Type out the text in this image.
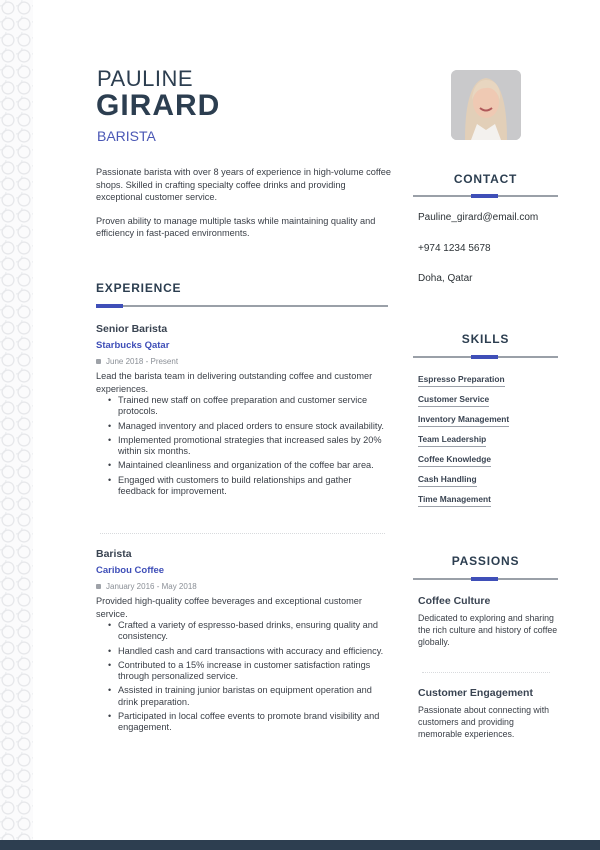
PAULINE
GIRARD
BARISTA

Passionate barista with over 8 years of experience in high-volume coffee shops. Skilled in crafting specialty coffee drinks and providing exceptional customer service.

Proven ability to manage multiple tasks while maintaining quality and efficiency in fast-paced environments.

EXPERIENCE
Senior Barista
Starbucks Qatar
June 2018 - Present
Lead the barista team in delivering outstanding coffee and customer experiences.
• Trained new staff on coffee preparation and customer service protocols.
• Managed inventory and placed orders to ensure stock availability.
• Implemented promotional strategies that increased sales by 20% within six months.
• Maintained cleanliness and organization of the coffee bar area.
• Engaged with customers to build relationships and gather feedback for improvement.
Barista
Caribou Coffee
January 2016 - May 2018
Provided high-quality coffee beverages and exceptional customer service.
• Crafted a variety of espresso-based drinks, ensuring quality and consistency.
• Handled cash and card transactions with accuracy and efficiency.
• Contributed to a 15% increase in customer satisfaction ratings through personalized service.
• Assisted in training junior baristas on equipment operation and drink preparation.
• Participated in local coffee events to promote brand visibility and engagement.
CONTACT
Pauline_girard@email.com
+974 1234 5678
Doha, Qatar
SKILLS
Espresso Preparation
Customer Service
Inventory Management
Team Leadership
Coffee Knowledge
Cash Handling
Time Management
PASSIONS
Coffee Culture
Dedicated to exploring and sharing the rich culture and history of coffee globally.
Customer Engagement
Passionate about connecting with customers and providing memorable experiences.
